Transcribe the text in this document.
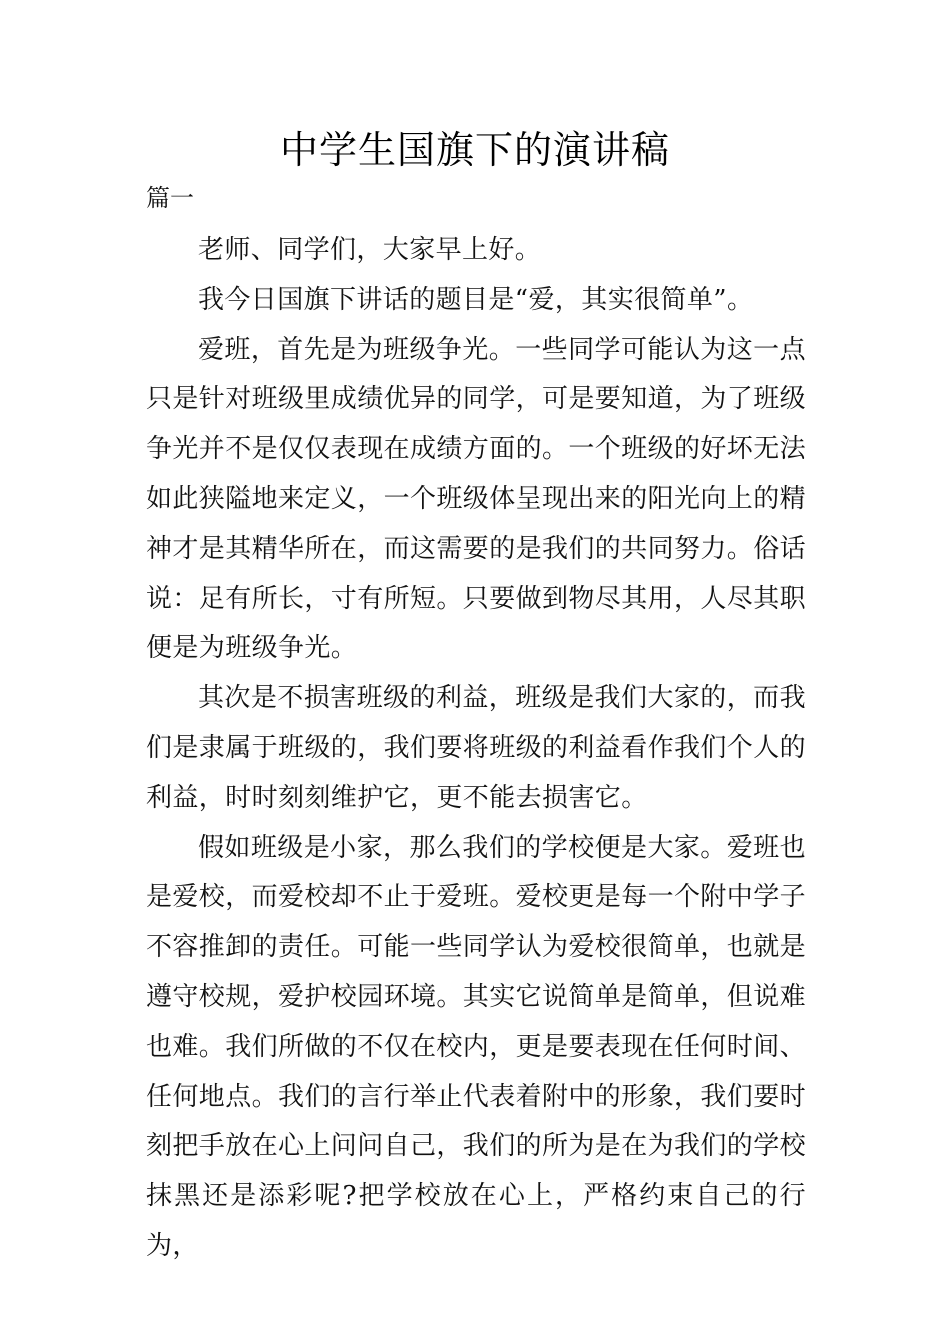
中学生国旗下的演讲稿

篇一

老师、同学们，大家早上好。

我今日国旗下讲话的题目是“爱，其实很简单”。

爱班，首先是为班级争光。一些同学可能认为这一点只是针对班级里成绩优异的同学，可是要知道，为了班级争光并不是仅仅表现在成绩方面的。一个班级的好坏无法如此狭隘地来定义，一个班级体呈现出来的阳光向上的精神才是其精华所在，而这需要的是我们的共同努力。俗话说：足有所长，寸有所短。只要做到物尽其用，人尽其职便是为班级争光。

其次是不损害班级的利益，班级是我们大家的，而我们是隶属于班级的，我们要将班级的利益看作我们个人的利益，时时刻刻维护它，更不能去损害它。

假如班级是小家，那么我们的学校便是大家。爱班也是爱校，而爱校却不止于爱班。爱校更是每一个附中学子不容推卸的责任。可能一些同学认为爱校很简单，也就是遵守校规，爱护校园环境。其实它说简单是简单，但说难也难。我们所做的不仅在校内，更是要表现在任何时间、任何地点。我们的言行举止代表着附中的形象，我们要时刻把手放在心上问问自己，我们的所为是在为我们的学校抹黑还是添彩呢?把学校放在心上，严格约束自己的行为，
